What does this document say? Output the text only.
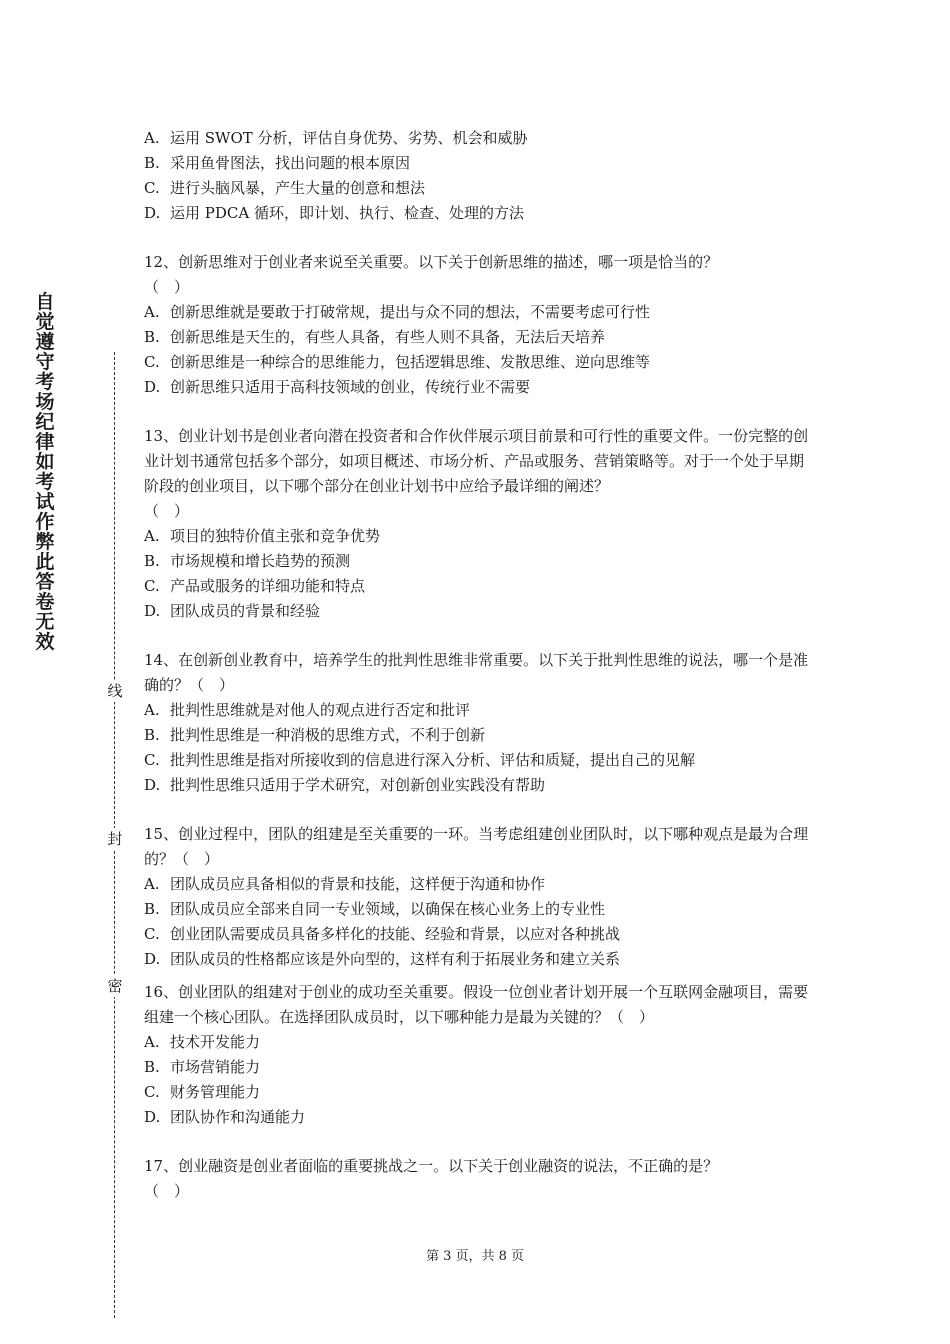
自觉遵守考场纪律如考试作弊此答卷无效
线
封
密
A. 运用 SWOT 分析，评估自身优势、劣势、机会和威胁
B. 采用鱼骨图法，找出问题的根本原因
C. 进行头脑风暴，产生大量的创意和想法
D. 运用 PDCA 循环，即计划、执行、检查、处理的方法
12、创新思维对于创业者来说至关重要。以下关于创新思维的描述，哪一项是恰当的？
（　）
A. 创新思维就是要敢于打破常规，提出与众不同的想法，不需要考虑可行性
B. 创新思维是天生的，有些人具备，有些人则不具备，无法后天培养
C. 创新思维是一种综合的思维能力，包括逻辑思维、发散思维、逆向思维等
D. 创新思维只适用于高科技领域的创业，传统行业不需要
13、创业计划书是创业者向潜在投资者和合作伙伴展示项目前景和可行性的重要文件。一份完整的创业计划书通常包括多个部分，如项目概述、市场分析、产品或服务、营销策略等。对于一个处于早期阶段的创业项目，以下哪个部分在创业计划书中应给予最详细的阐述？
（　）
A. 项目的独特价值主张和竞争优势
B. 市场规模和增长趋势的预测
C. 产品或服务的详细功能和特点
D. 团队成员的背景和经验
14、在创新创业教育中，培养学生的批判性思维非常重要。以下关于批判性思维的说法，哪一个是准确的？（　）
A. 批判性思维就是对他人的观点进行否定和批评
B. 批判性思维是一种消极的思维方式，不利于创新
C. 批判性思维是指对所接收到的信息进行深入分析、评估和质疑，提出自己的见解
D. 批判性思维只适用于学术研究，对创新创业实践没有帮助
15、创业过程中，团队的组建是至关重要的一环。当考虑组建创业团队时，以下哪种观点是最为合理的？（　）
A. 团队成员应具备相似的背景和技能，这样便于沟通和协作
B. 团队成员应全部来自同一专业领域，以确保在核心业务上的专业性
C. 创业团队需要成员具备多样化的技能、经验和背景，以应对各种挑战
D. 团队成员的性格都应该是外向型的，这样有利于拓展业务和建立关系
16、创业团队的组建对于创业的成功至关重要。假设一位创业者计划开展一个互联网金融项目，需要组建一个核心团队。在选择团队成员时，以下哪种能力是最为关键的？（　）
A. 技术开发能力
B. 市场营销能力
C. 财务管理能力
D. 团队协作和沟通能力
17、创业融资是创业者面临的重要挑战之一。以下关于创业融资的说法，不正确的是？
（　）
第 3 页，共 8 页
